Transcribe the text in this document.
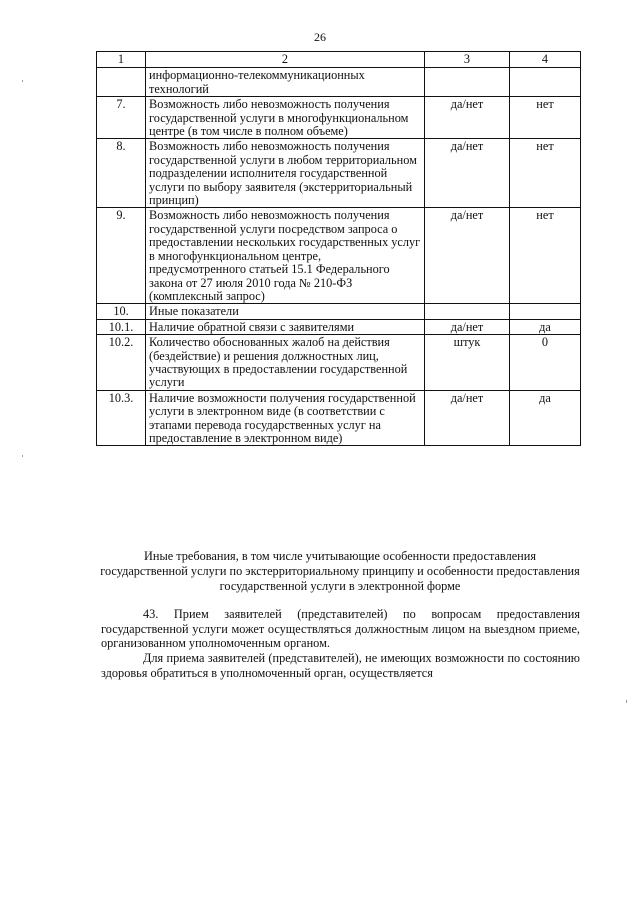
26
1	2	3	4
	информационно-телекоммуникационных технологий		
7.	Возможность либо невозможность получения государственной услуги в многофункциональном центре (в том числе в полном объеме)	да/нет	нет
8.	Возможность либо невозможность получения государственной услуги в любом территориальном подразделении исполнителя государственной услуги по выбору заявителя (экстерриториальный принцип)	да/нет	нет
9.	Возможность либо невозможность получения государственной услуги посредством запроса о предоставлении нескольких государственных услуг в многофункциональном центре, предусмотренного статьей 15.1 Федерального закона от 27 июля 2010 года № 210-ФЗ (комплексный запрос)	да/нет	нет
10.	Иные показатели		
10.1.	Наличие обратной связи с заявителями	да/нет	да
10.2.	Количество обоснованных жалоб на действия (бездействие) и решения должностных лиц, участвующих в предоставлении государственной услуги	штук	0
10.3.	Наличие возможности получения государственной услуги в электронном виде (в соответствии с этапами перевода государственных услуг на предоставление в электронном виде)	да/нет	да
Иные требования, в том числе учитывающие особенности предоставления государственной услуги по экстерриториальному принципу и особенности предоставления государственной услуги в электронной форме
43. Прием заявителей (представителей) по вопросам предоставления государственной услуги может осуществляться должностным лицом на выездном приеме, организованном уполномоченным органом.
Для приема заявителей (представителей), не имеющих возможности по состоянию здоровья обратиться в уполномоченный орган, осуществляется
